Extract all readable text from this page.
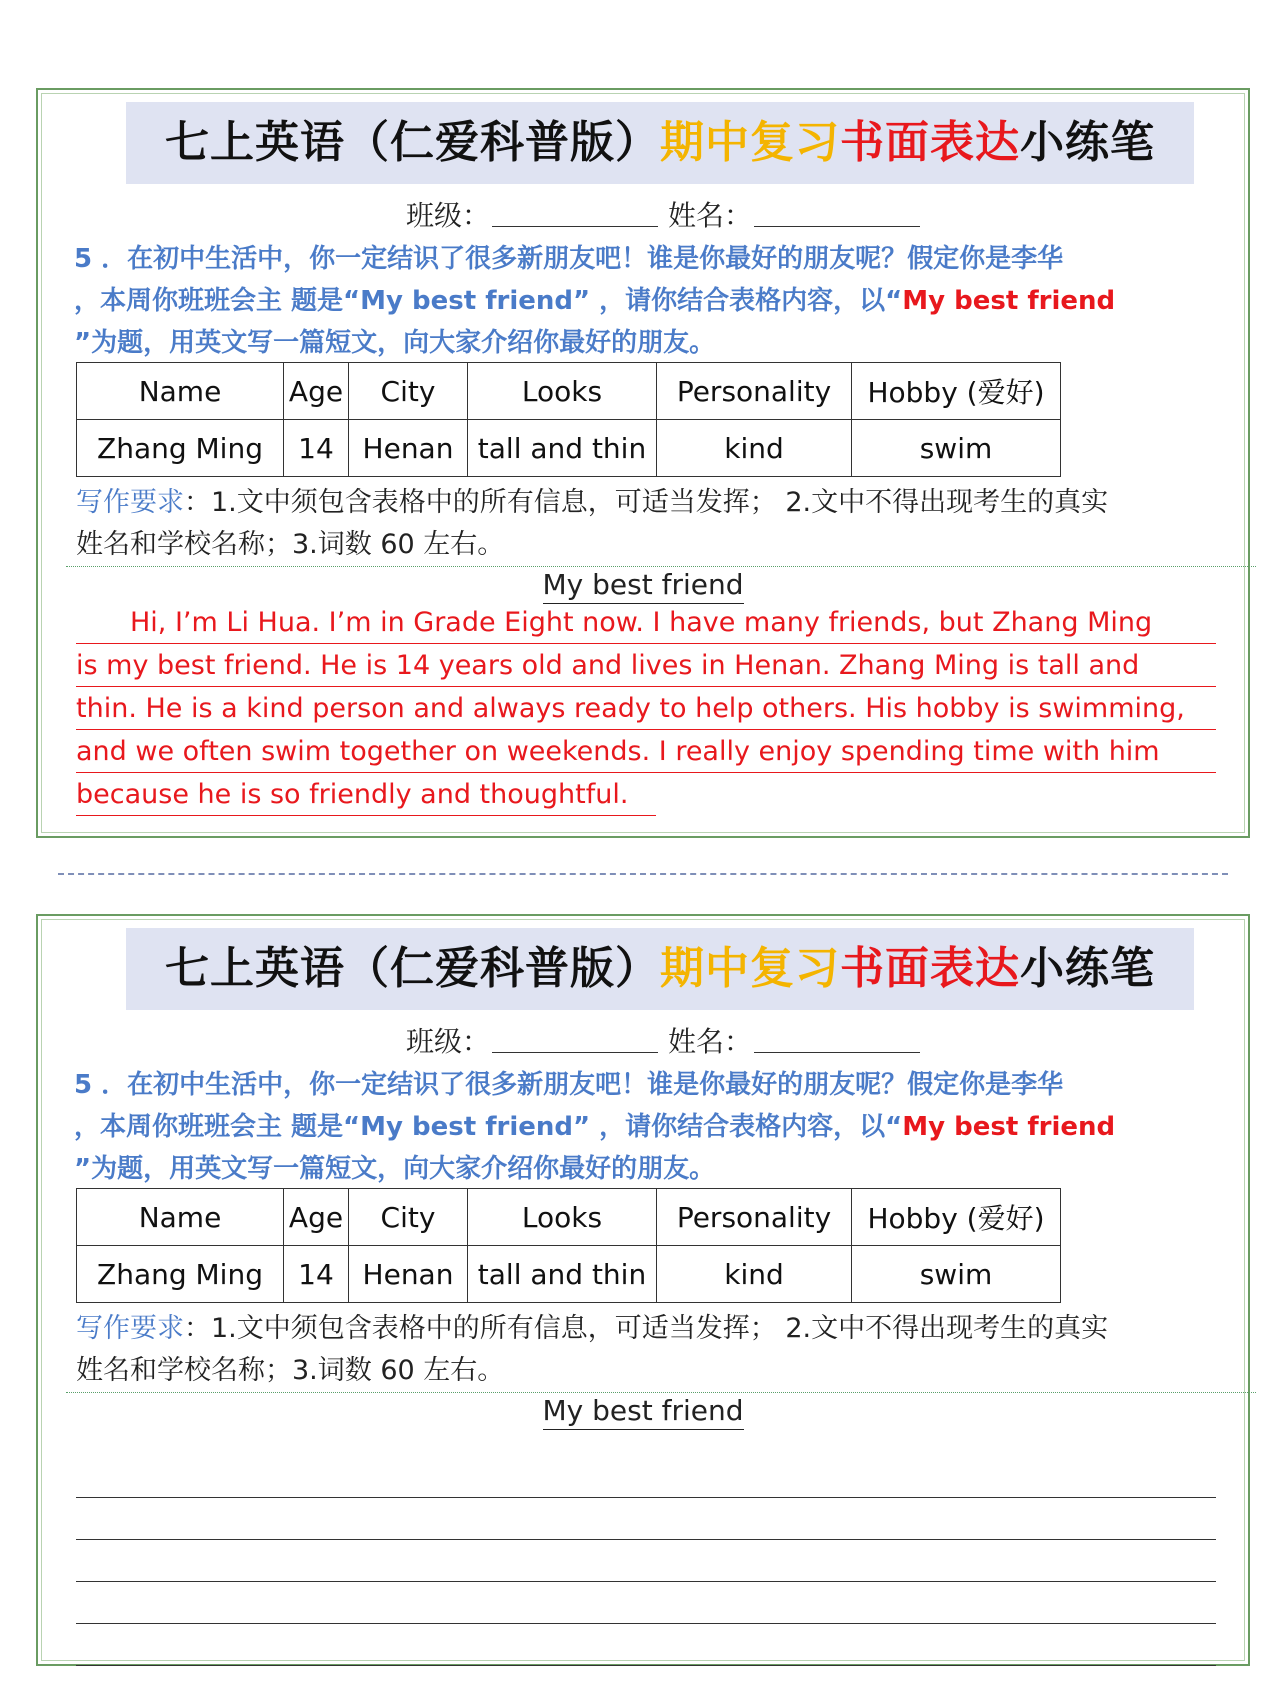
七上英语（仁爱科普版）期中复习书面表达小练笔
班级：	姓名：
5 ．在初中生活中，你一定结识了很多新朋友吧！谁是你最好的朋友呢？假定你是李华
，本周你班班会主 题是“My best friend” ，请你结合表格内容，以“My best friend
”为题，用英文写一篇短文，向大家介绍你最好的朋友。
Name	Age	City	Looks	Personality	Hobby (爱好)
Zhang Ming	14	Henan	tall and thin	kind	swim
写作要求：1.文中须包含表格中的所有信息，可适当发挥； 2.文中不得出现考生的真实
姓名和学校名称；3.词数 60 左右。
My best friend
Hi, I’m Li Hua. I’m in Grade Eight now. I have many friends, but Zhang Ming
is my best friend. He is 14 years old and lives in Henan. Zhang Ming is tall and
thin. He is a kind person and always ready to help others. His hobby is swimming,
and we often swim together on weekends. I really enjoy spending time with him
because he is so friendly and thoughtful.
七上英语（仁爱科普版）期中复习书面表达小练笔
班级：	姓名：
5 ．在初中生活中，你一定结识了很多新朋友吧！谁是你最好的朋友呢？假定你是李华
，本周你班班会主 题是“My best friend” ，请你结合表格内容，以“My best friend
”为题，用英文写一篇短文，向大家介绍你最好的朋友。
Name	Age	City	Looks	Personality	Hobby (爱好)
Zhang Ming	14	Henan	tall and thin	kind	swim
写作要求：1.文中须包含表格中的所有信息，可适当发挥； 2.文中不得出现考生的真实
姓名和学校名称；3.词数 60 左右。
My best friend
